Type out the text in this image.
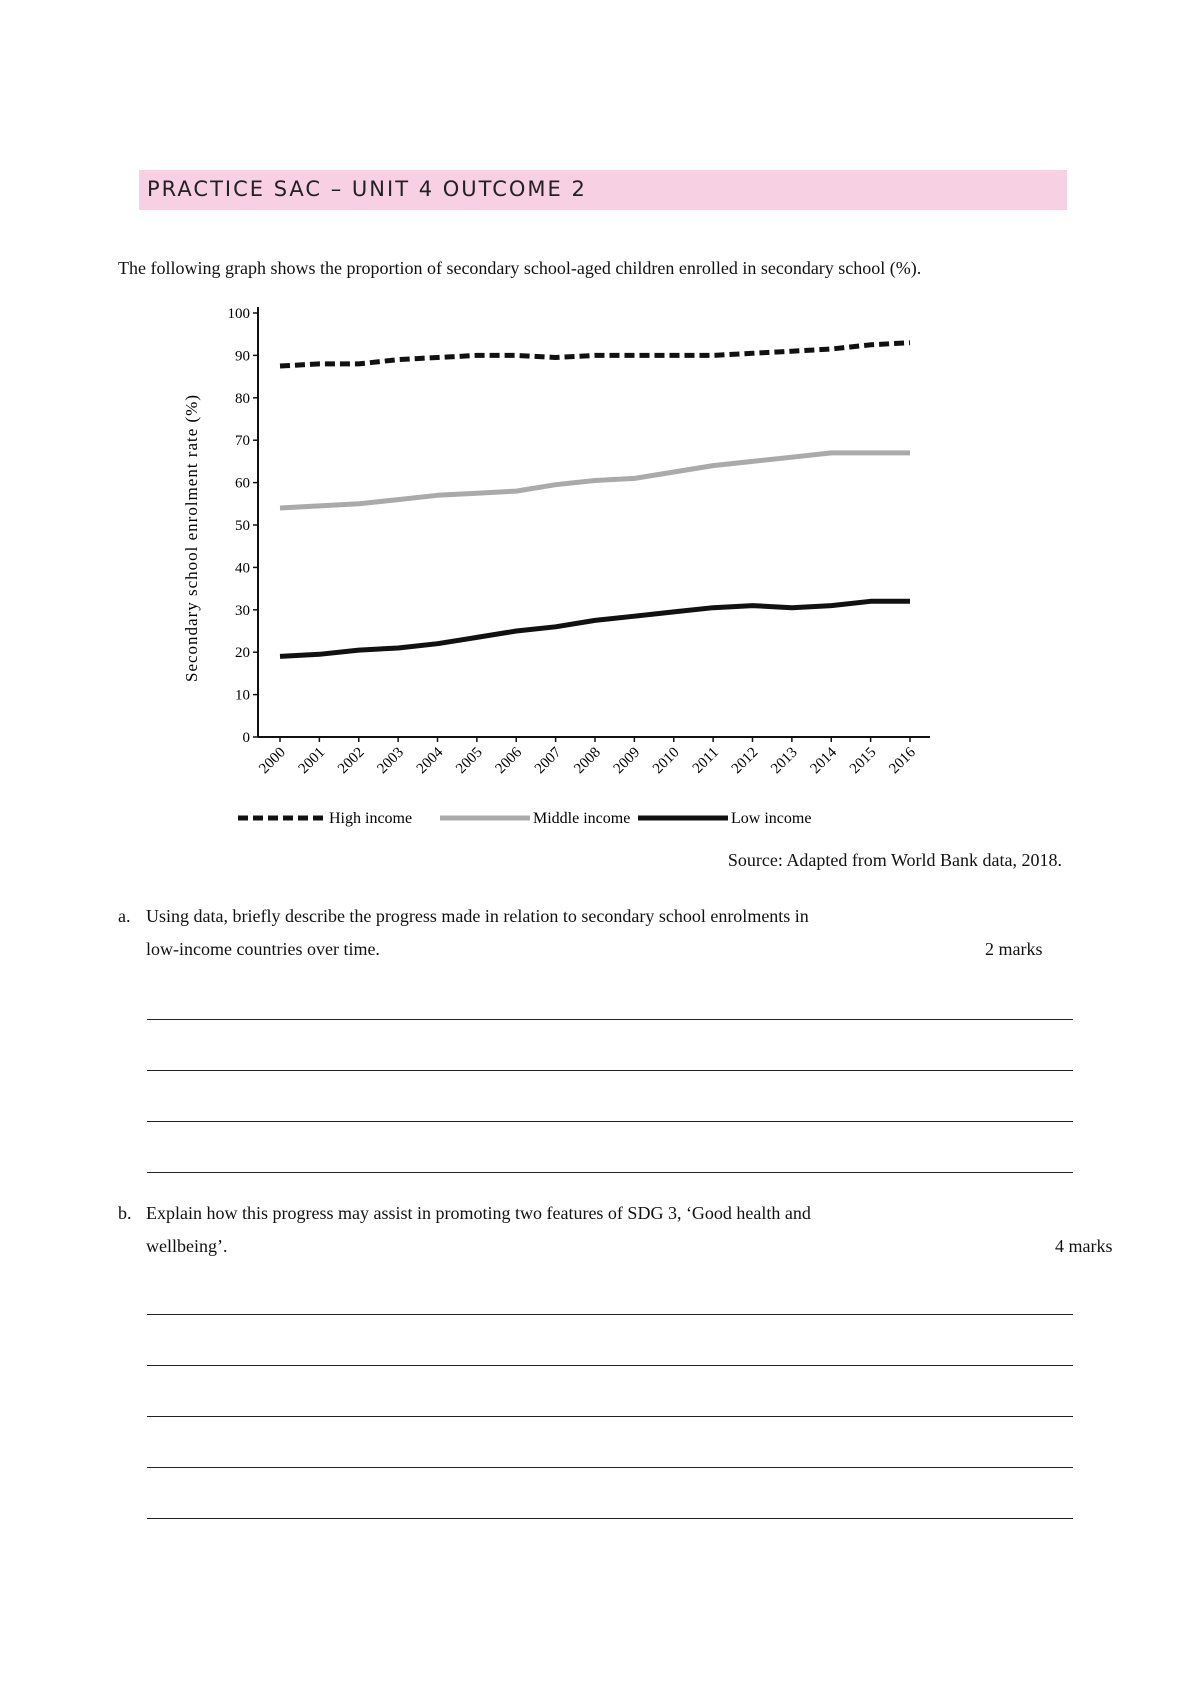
PRACTICE SAC – UNIT 4 OUTCOME 2
The following graph shows the proportion of secondary school-aged children enrolled in secondary school (%).
0
10
20
30
40
50
60
70
80
90
100
2000 2001 2002 2003 2004 2005 2006 2007 2008 2009 2010 2011 2012 2013 2014 2015 2016
Secondary school enrolment rate (%)
High income	Middle income	Low income
Source: Adapted from World Bank data, 2018.
a. Using data, briefly describe the progress made in relation to secondary school enrolments in
low-income countries over time.	2 marks
b. Explain how this progress may assist in promoting two features of SDG 3, ‘Good health and
wellbeing’.	4 marks
